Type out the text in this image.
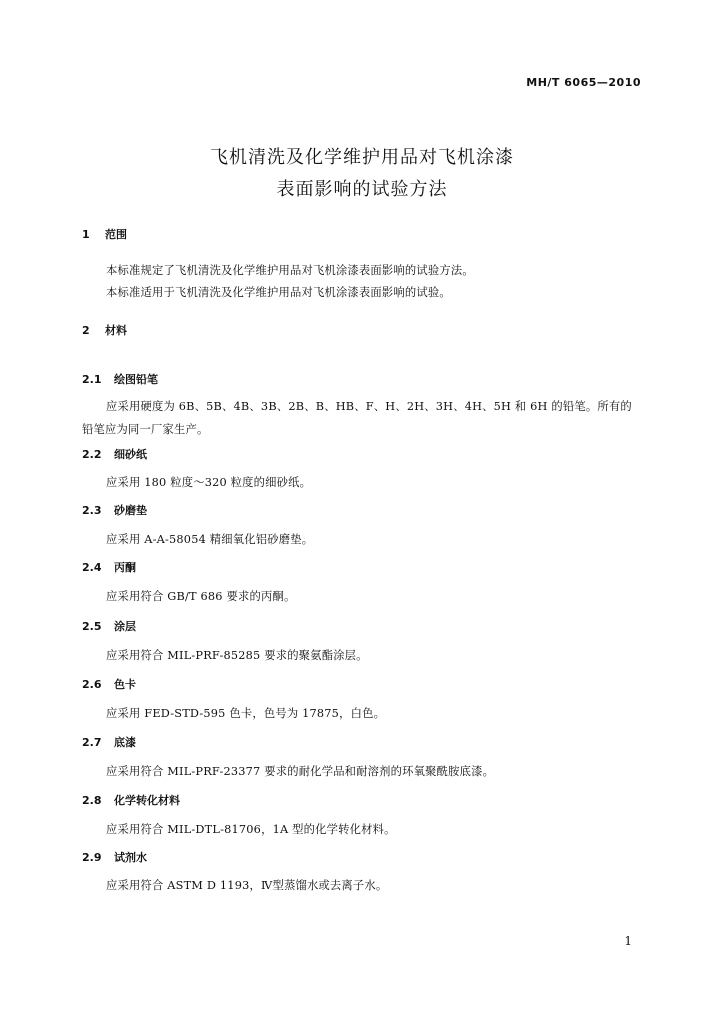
MH/T 6065—2010
飞机清洗及化学维护用品对飞机涂漆
表面影响的试验方法
1 范围
本标准规定了飞机清洗及化学维护用品对飞机涂漆表面影响的试验方法。
本标准适用于飞机清洗及化学维护用品对飞机涂漆表面影响的试验。
2 材料
2.1 绘图铅笔
应采用硬度为 6B、5B、4B、3B、2B、B、HB、F、H、2H、3H、4H、5H 和 6H 的铅笔。所有的铅笔应为同一厂家生产。
2.2 细砂纸
应采用 180 粒度～320 粒度的细砂纸。
2.3 砂磨垫
应采用 A-A-58054 精细氧化铝砂磨垫。
2.4 丙酮
应采用符合 GB/T 686 要求的丙酮。
2.5 涂层
应采用符合 MIL-PRF-85285 要求的聚氨酯涂层。
2.6 色卡
应采用 FED-STD-595 色卡，色号为 17875，白色。
2.7 底漆
应采用符合 MIL-PRF-23377 要求的耐化学品和耐溶剂的环氧聚酰胺底漆。
2.8 化学转化材料
应采用符合 MIL-DTL-81706，1A 型的化学转化材料。
2.9 试剂水
应采用符合 ASTM D 1193，Ⅳ型蒸馏水或去离子水。
1
